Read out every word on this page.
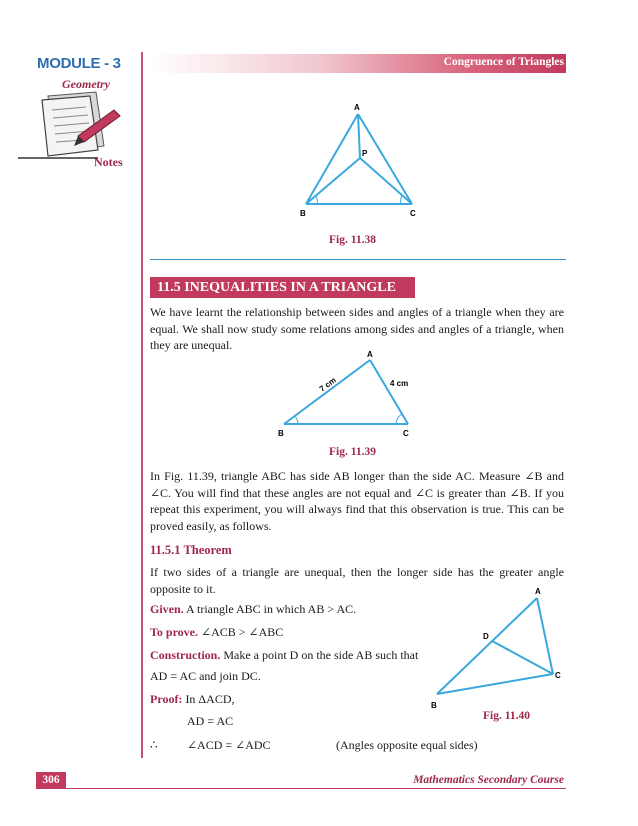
MODULE - 3
Geometry
Notes
Congruence of Triangles
A
P
B	C
Fig. 11.38
11.5 INEQUALITIES IN A TRIANGLE
We have learnt the relationship between sides and angles of a triangle when they are equal. We shall now study some relations among sides and angles of a triangle, when they are unequal.
A
B	C
7 cm	4 cm
Fig. 11.39
In Fig. 11.39, triangle ABC has side AB longer than the side AC. Measure ∠B and ∠C. You will find that these angles are not equal and ∠C is greater than ∠B. If you repeat this experiment, you will always find that this observation is true. This can be proved easily, as follows.
11.5.1 Theorem
If two sides of a triangle are unequal, then the longer side has the greater angle opposite to it.
Given. A triangle ABC in which AB > AC.
To prove. ∠ACB > ∠ABC
Construction. Make a point D on the side AB such that
AD = AC and join DC.
Proof: In ΔACD,
AD = AC
∴ ∠ACD = ∠ADC	(Angles opposite equal sides)
A
D
B
C
Fig. 11.40
306	Mathematics Secondary Course
